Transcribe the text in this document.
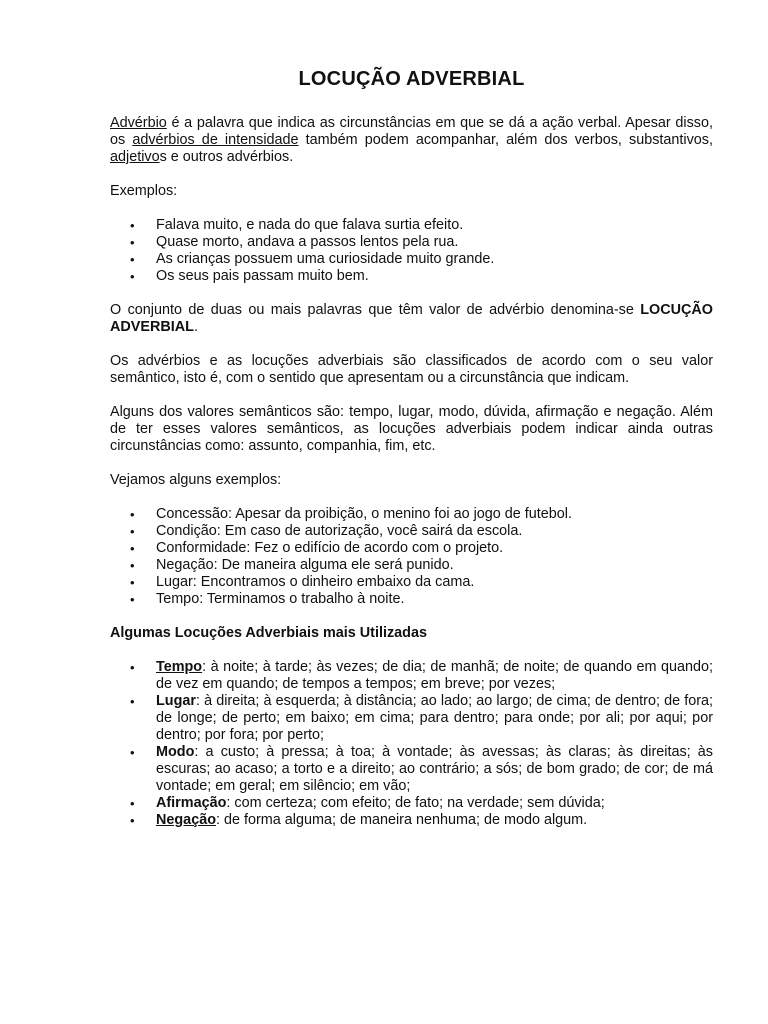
LOCUÇÃO ADVERBIAL

Advérbio é a palavra que indica as circunstâncias em que se dá a ação verbal. Apesar disso, os advérbios de intensidade também podem acompanhar, além dos verbos, substantivos, adjetivos e outros advérbios.

Exemplos:

• Falava muito, e nada do que falava surtia efeito.
• Quase morto, andava a passos lentos pela rua.
• As crianças possuem uma curiosidade muito grande.
• Os seus pais passam muito bem.

O conjunto de duas ou mais palavras que têm valor de advérbio denomina-se LOCUÇÃO ADVERBIAL.

Os advérbios e as locuções adverbiais são classificados de acordo com o seu valor semântico, isto é, com o sentido que apresentam ou a circunstância que indicam.

Alguns dos valores semânticos são: tempo, lugar, modo, dúvida, afirmação e negação. Além de ter esses valores semânticos, as locuções adverbiais podem indicar ainda outras circunstâncias como: assunto, companhia, fim, etc.

Vejamos alguns exemplos:

• Concessão: Apesar da proibição, o menino foi ao jogo de futebol.
• Condição: Em caso de autorização, você sairá da escola.
• Conformidade: Fez o edifício de acordo com o projeto.
• Negação: De maneira alguma ele será punido.
• Lugar: Encontramos o dinheiro embaixo da cama.
• Tempo: Terminamos o trabalho à noite.

Algumas Locuções Adverbiais mais Utilizadas

• Tempo: à noite; à tarde; às vezes; de dia; de manhã; de noite; de quando em quando; de vez em quando; de tempos a tempos; em breve; por vezes;
• Lugar: à direita; à esquerda; à distância; ao lado; ao largo; de cima; de dentro; de fora; de longe; de perto; em baixo; em cima; para dentro; para onde; por ali; por aqui; por dentro; por fora; por perto;
• Modo: a custo; à pressa; à toa; à vontade; às avessas; às claras; às direitas; às escuras; ao acaso; a torto e a direito; ao contrário; a sós; de bom grado; de cor; de má vontade; em geral; em silêncio; em vão;
• Afirmação: com certeza; com efeito; de fato; na verdade; sem dúvida;
• Negação: de forma alguma; de maneira nenhuma; de modo algum.
